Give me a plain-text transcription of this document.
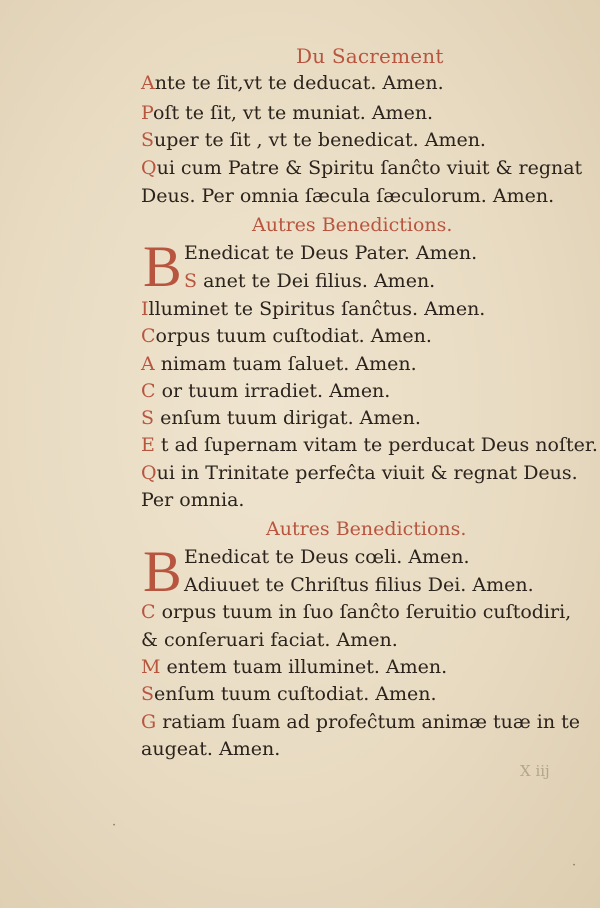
Du Sacrement
Ante te ſit,vt te deducat. Amen.
Poſt te ſit, vt te muniat. Amen.
Super te ſit , vt te benedicat. Amen.
Qui cum Patre & Spiritu ſanĉto viuit & regnat
Deus. Per omnia ſæcula ſæculorum. Amen.
Autres Benedictions.
B Enedicat te Deus Pater. Amen.
S anet te Dei filius. Amen.
Illuminet te Spiritus ſanĉtus. Amen.
Corpus tuum cuſtodiat. Amen.
A nimam tuam ſaluet. Amen.
C or tuum irradiet. Amen.
S enſum tuum dirigat. Amen.
E t ad ſupernam vitam te perducat Deus noſter.
Qui in Trinitate perfeĉta viuit & regnat Deus.
Per omnia.
Autres Benedictions.
B Enedicat te Deus cœli. Amen.
Adiuuet te Chriſtus filius Dei. Amen.
C orpus tuum in ſuo ſanĉto ſeruitio cuſtodiri,
& conſeruari faciat. Amen.
M entem tuam illuminet. Amen.
Senſum tuum cuſtodiat. Amen.
G ratiam ſuam ad profeĉtum animæ tuæ in te
augeat. Amen.
X iij
·
·
